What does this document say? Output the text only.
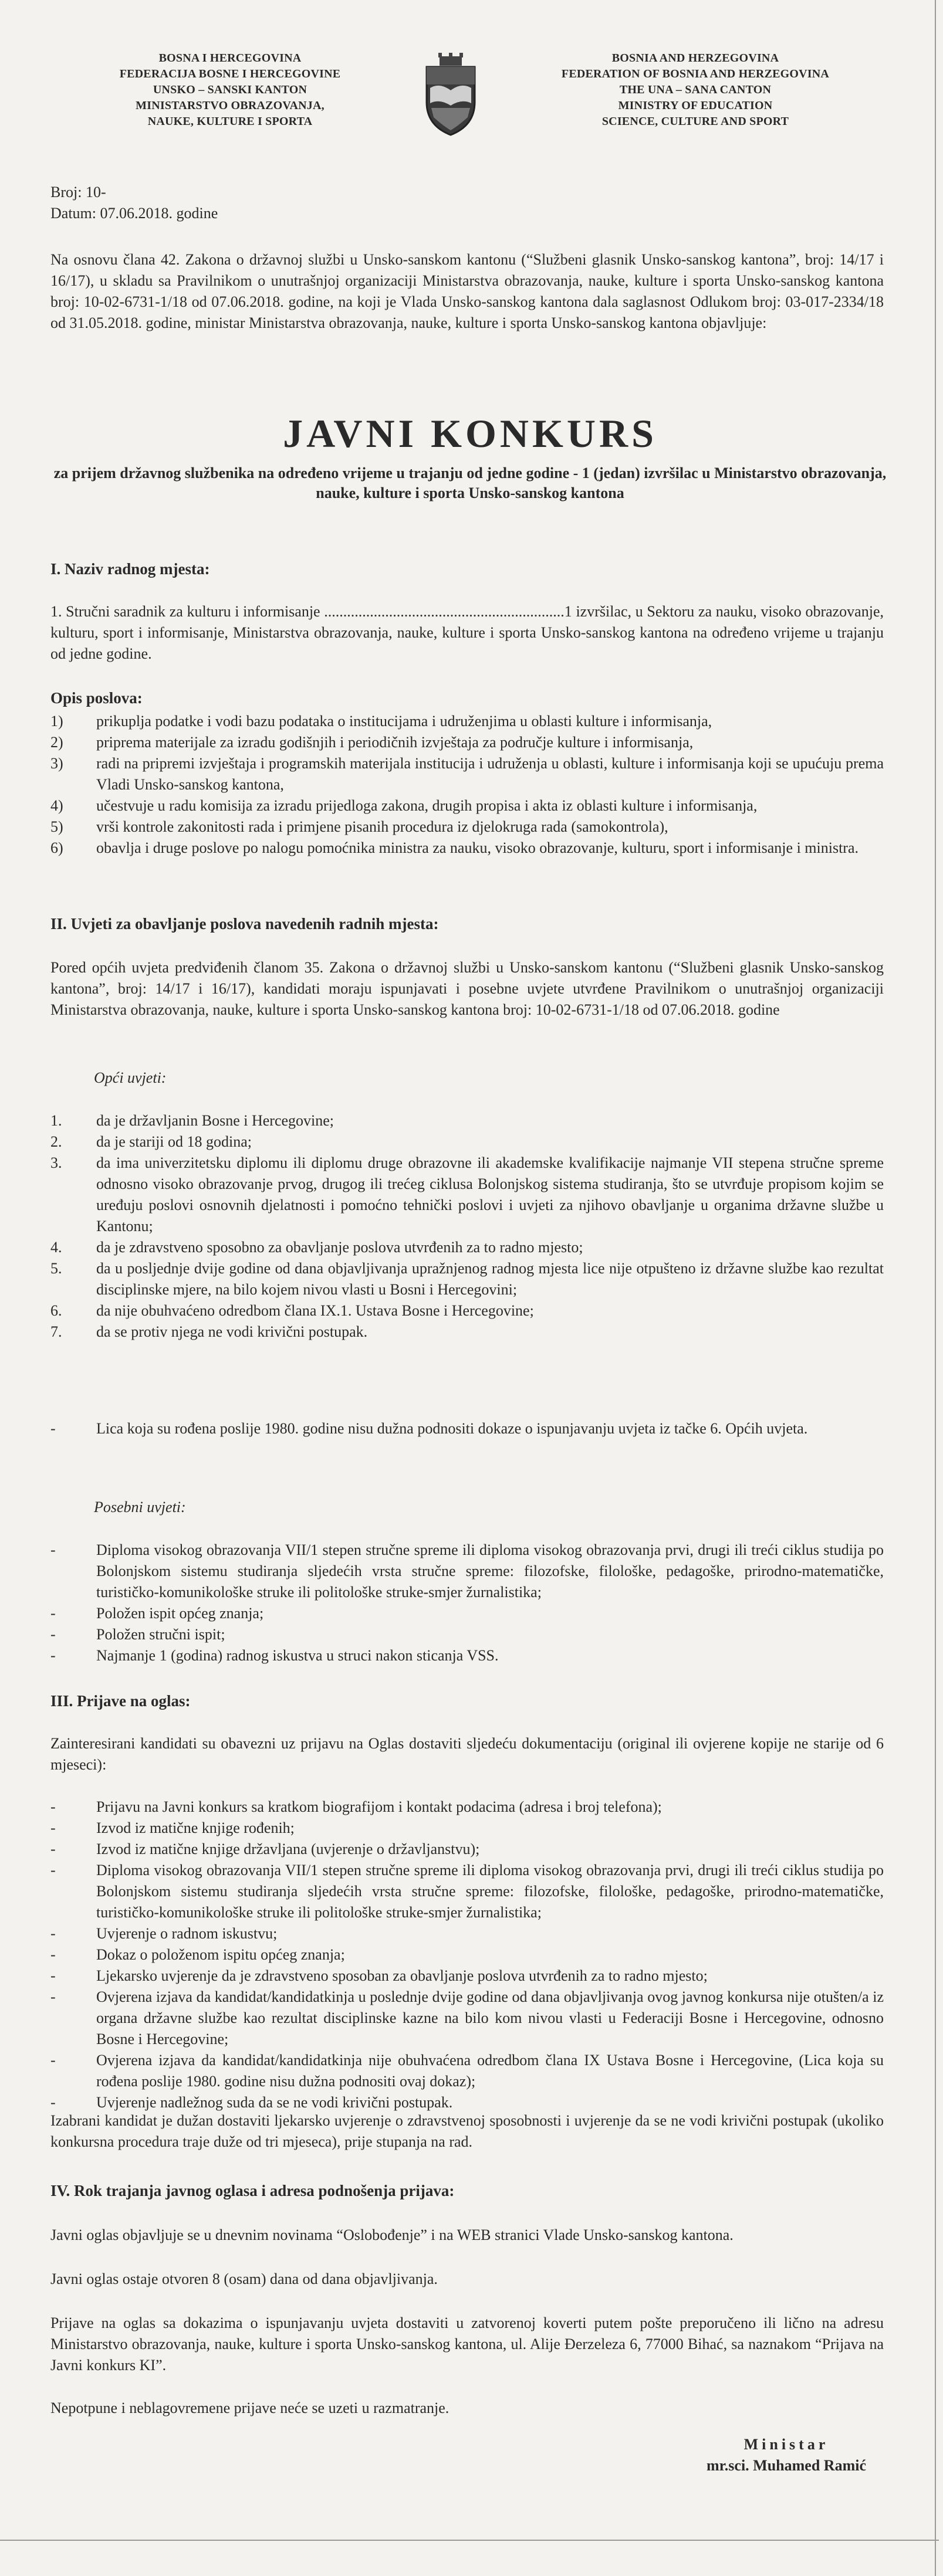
BOSNA I HERCEGOVINA
FEDERACIJA BOSNE I HERCEGOVINE
UNSKO – SANSKI KANTON
MINISTARSTVO OBRAZOVANJA,
NAUKE, KULTURE I SPORTA
BOSNIA AND HERZEGOVINA
FEDERATION OF BOSNIA AND HERZEGOVINA
THE UNA – SANA CANTON
MINISTRY OF EDUCATION
SCIENCE, CULTURE AND SPORT
Broj: 10-
Datum: 07.06.2018. godine
Na osnovu člana 42. Zakona o državnoj službi u Unsko-sanskom kantonu (“Službeni glasnik Unsko-sanskog kantona”, broj: 14/17 i 16/17), u skladu sa Pravilnikom o unutrašnjoj organizaciji Ministarstva obrazovanja, nauke, kulture i sporta Unsko-sanskog kantona broj: 10-02-6731-1/18 od 07.06.2018. godine, na koji je Vlada Unsko-sanskog kantona dala saglasnost Odlukom broj: 03-017-2334/18 od 31.05.2018. godine, ministar Ministarstva obrazovanja, nauke, kulture i sporta Unsko-sanskog kantona objavljuje:
JAVNI KONKURS
za prijem državnog službenika na određeno vrijeme u trajanju od jedne godine - 1 (jedan) izvršilac u Ministarstvo obrazovanja, nauke, kulture i sporta Unsko-sanskog kantona
I. Naziv radnog mjesta:
1. Stručni saradnik za kulturu i informisanje ...............................................................1 izvršilac, u Sektoru za nauku, visoko obrazovanje, kulturu, sport i informisanje, Ministarstva obrazovanja, nauke, kulture i sporta Unsko-sanskog kantona na određeno vrijeme u trajanju od jedne godine.
Opis poslova:
1) prikuplja podatke i vodi bazu podataka o institucijama i udruženjima u oblasti kulture i informisanja,
2) priprema materijale za izradu godišnjih i periodičnih izvještaja za područje kulture i informisanja,
3) radi na pripremi izvještaja i programskih materijala institucija i udruženja u oblasti, kulture i informisanja koji se upućuju prema Vladi Unsko-sanskog kantona,
4) učestvuje u radu komisija za izradu prijedloga zakona, drugih propisa i akta iz oblasti kulture i informisanja,
5) vrši kontrole zakonitosti rada i primjene pisanih procedura iz djelokruga rada (samokontrola),
6) obavlja i druge poslove po nalogu pomoćnika ministra za nauku, visoko obrazovanje, kulturu, sport i informisanje i ministra.
II. Uvjeti za obavljanje poslova navedenih radnih mjesta:
Pored općih uvjeta predviđenih članom 35. Zakona o državnoj službi u Unsko-sanskom kantonu (“Službeni glasnik Unsko-sanskog kantona”, broj: 14/17 i 16/17), kandidati moraju ispunjavati i posebne uvjete utvrđene Pravilnikom o unutrašnjoj organizaciji Ministarstva obrazovanja, nauke, kulture i sporta Unsko-sanskog kantona broj: 10-02-6731-1/18 od 07.06.2018. godine
Opći uvjeti:
1. da je državljanin Bosne i Hercegovine;
2. da je stariji od 18 godina;
3. da ima univerzitetsku diplomu ili diplomu druge obrazovne ili akademske kvalifikacije najmanje VII stepena stručne spreme odnosno visoko obrazovanje prvog, drugog ili trećeg ciklusa Bolonjskog sistema studiranja, što se utvrđuje propisom kojim se uređuju poslovi osnovnih djelatnosti i pomoćno tehnički poslovi i uvjeti za njihovo obavljanje u organima državne službe u Kantonu;
4. da je zdravstveno sposobno za obavljanje poslova utvrđenih za to radno mjesto;
5. da u posljednje dvije godine od dana objavljivanja upražnjenog radnog mjesta lice nije otpušteno iz državne službe kao rezultat disciplinske mjere, na bilo kojem nivou vlasti u Bosni i Hercegovini;
6. da nije obuhvaćeno odredbom člana IX.1. Ustava Bosne i Hercegovine;
7. da se protiv njega ne vodi krivični postupak.
-	Lica koja su rođena poslije 1980. godine nisu dužna podnositi dokaze o ispunjavanju uvjeta iz tačke 6. Općih uvjeta.
Posebni uvjeti:
-	Diploma visokog obrazovanja VII/1 stepen stručne spreme ili diploma visokog obrazovanja prvi, drugi ili treći ciklus studija po Bolonjskom sistemu studiranja sljedećih vrsta stručne spreme: filozofske, filološke, pedagoške, prirodno-matematičke, turističko-komunikološke struke ili politološke struke-smjer žurnalistika;
-	Položen ispit općeg znanja;
-	Položen stručni ispit;
-	Najmanje 1 (godina) radnog iskustva u struci nakon sticanja VSS.
III. Prijave na oglas:
Zainteresirani kandidati su obavezni uz prijavu na Oglas dostaviti sljedeću dokumentaciju (original ili ovjerene kopije ne starije od 6 mjeseci):
-	Prijavu na Javni konkurs sa kratkom biografijom i kontakt podacima (adresa i broj telefona);
-	Izvod iz matične knjige rođenih;
-	Izvod iz matične knjige državljana (uvjerenje o državljanstvu);
-	Diploma visokog obrazovanja VII/1 stepen stručne spreme ili diploma visokog obrazovanja prvi, drugi ili treći ciklus studija po Bolonjskom sistemu studiranja sljedećih vrsta stručne spreme: filozofske, filološke, pedagoške, prirodno-matematičke, turističko-komunikološke struke ili politološke struke-smjer žurnalistika;
-	Uvjerenje o radnom iskustvu;
-	Dokaz o položenom ispitu općeg znanja;
-	Ljekarsko uvjerenje da je zdravstveno sposoban za obavljanje poslova utvrđenih za to radno mjesto;
-	Ovjerena izjava da kandidat/kandidatkinja u poslednje dvije godine od dana objavljivanja ovog javnog konkursa nije otušten/a iz organa državne službe kao rezultat disciplinske kazne na bilo kom nivou vlasti u Federaciji Bosne i Hercegovine, odnosno Bosne i Hercegovine;
-	Ovjerena izjava da kandidat/kandidatkinja nije obuhvaćena odredbom člana IX Ustava Bosne i Hercegovine, (Lica koja su rođena poslije 1980. godine nisu dužna podnositi ovaj dokaz);
-	Uvjerenje nadležnog suda da se ne vodi krivični postupak.
Izabrani kandidat je dužan dostaviti ljekarsko uvjerenje o zdravstvenoj sposobnosti i uvjerenje da se ne vodi krivični postupak (ukoliko konkursna procedura traje duže od tri mjeseca), prije stupanja na rad.
IV. Rok trajanja javnog oglasa i adresa podnošenja prijava:
Javni oglas objavljuje se u dnevnim novinama “Oslobođenje” i na WEB stranici Vlade Unsko-sanskog kantona.
Javni oglas ostaje otvoren 8 (osam) dana od dana objavljivanja.
Prijave na oglas sa dokazima o ispunjavanju uvjeta dostaviti u zatvorenoj koverti putem pošte preporučeno ili lično na adresu Ministarstvo obrazovanja, nauke, kulture i sporta Unsko-sanskog kantona, ul. Alije Đerzeleza 6, 77000 Bihać, sa naznakom “Prijava na Javni konkurs KI”.
Nepotpune i neblagovremene prijave neće se uzeti u razmatranje.
Ministar
mr.sci. Muhamed Ramić
